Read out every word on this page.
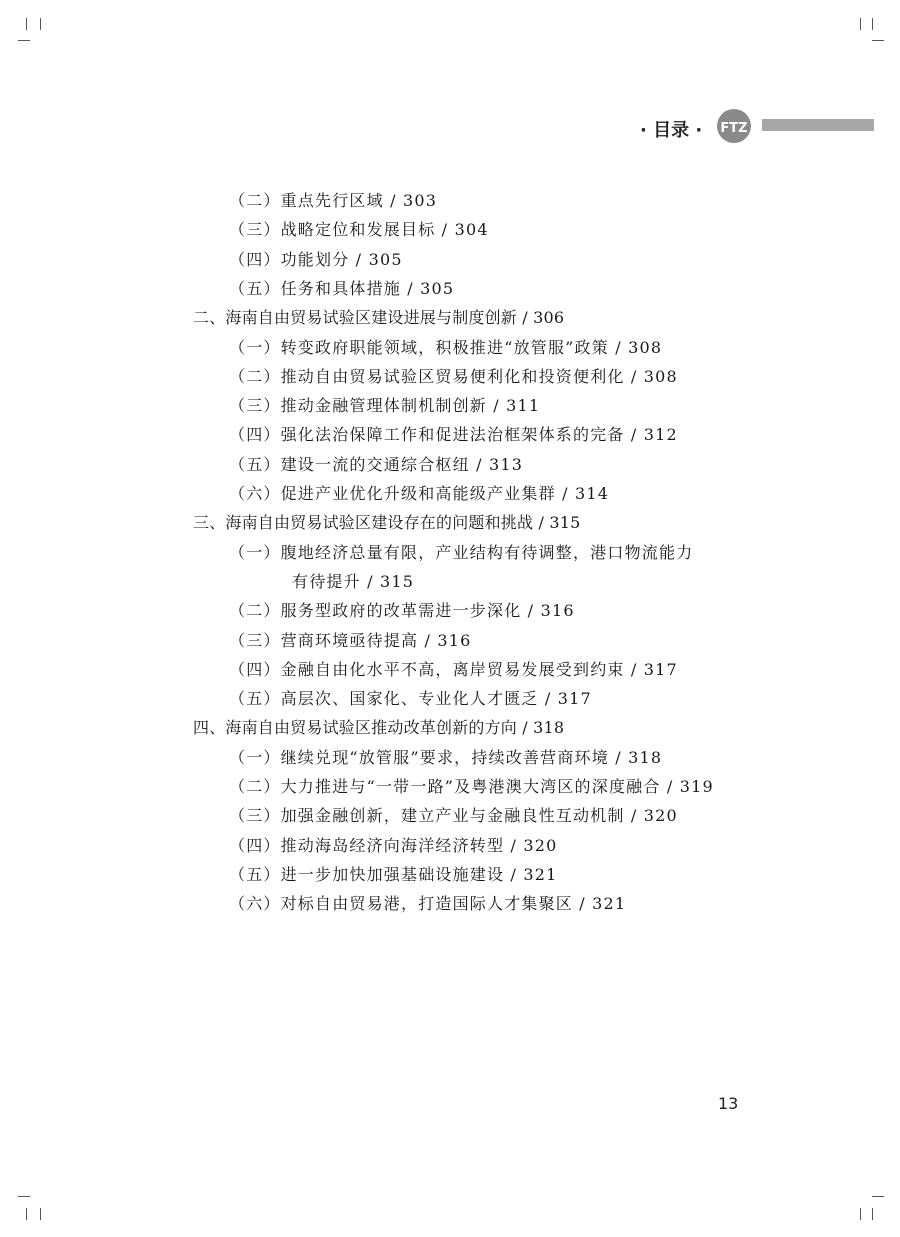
· 目录 · FTZ
（二）重点先行区域 / 303
（三）战略定位和发展目标 / 304
（四）功能划分 / 305
（五）任务和具体措施 / 305
二、海南自由贸易试验区建设进展与制度创新 / 306
（一）转变政府职能领域，积极推进“放管服”政策 / 308
（二）推动自由贸易试验区贸易便利化和投资便利化 / 308
（三）推动金融管理体制机制创新 / 311
（四）强化法治保障工作和促进法治框架体系的完备 / 312
（五）建设一流的交通综合枢纽 / 313
（六）促进产业优化升级和高能级产业集群 / 314
三、海南自由贸易试验区建设存在的问题和挑战 / 315
（一）腹地经济总量有限，产业结构有待调整，港口物流能力
有待提升 / 315
（二）服务型政府的改革需进一步深化 / 316
（三）营商环境亟待提高 / 316
（四）金融自由化水平不高，离岸贸易发展受到约束 / 317
（五）高层次、国家化、专业化人才匮乏 / 317
四、海南自由贸易试验区推动改革创新的方向 / 318
（一）继续兑现“放管服”要求，持续改善营商环境 / 318
（二）大力推进与“一带一路”及粤港澳大湾区的深度融合 / 319
（三）加强金融创新，建立产业与金融良性互动机制 / 320
（四）推动海岛经济向海洋经济转型 / 320
（五）进一步加快加强基础设施建设 / 321
（六）对标自由贸易港，打造国际人才集聚区 / 321
13
